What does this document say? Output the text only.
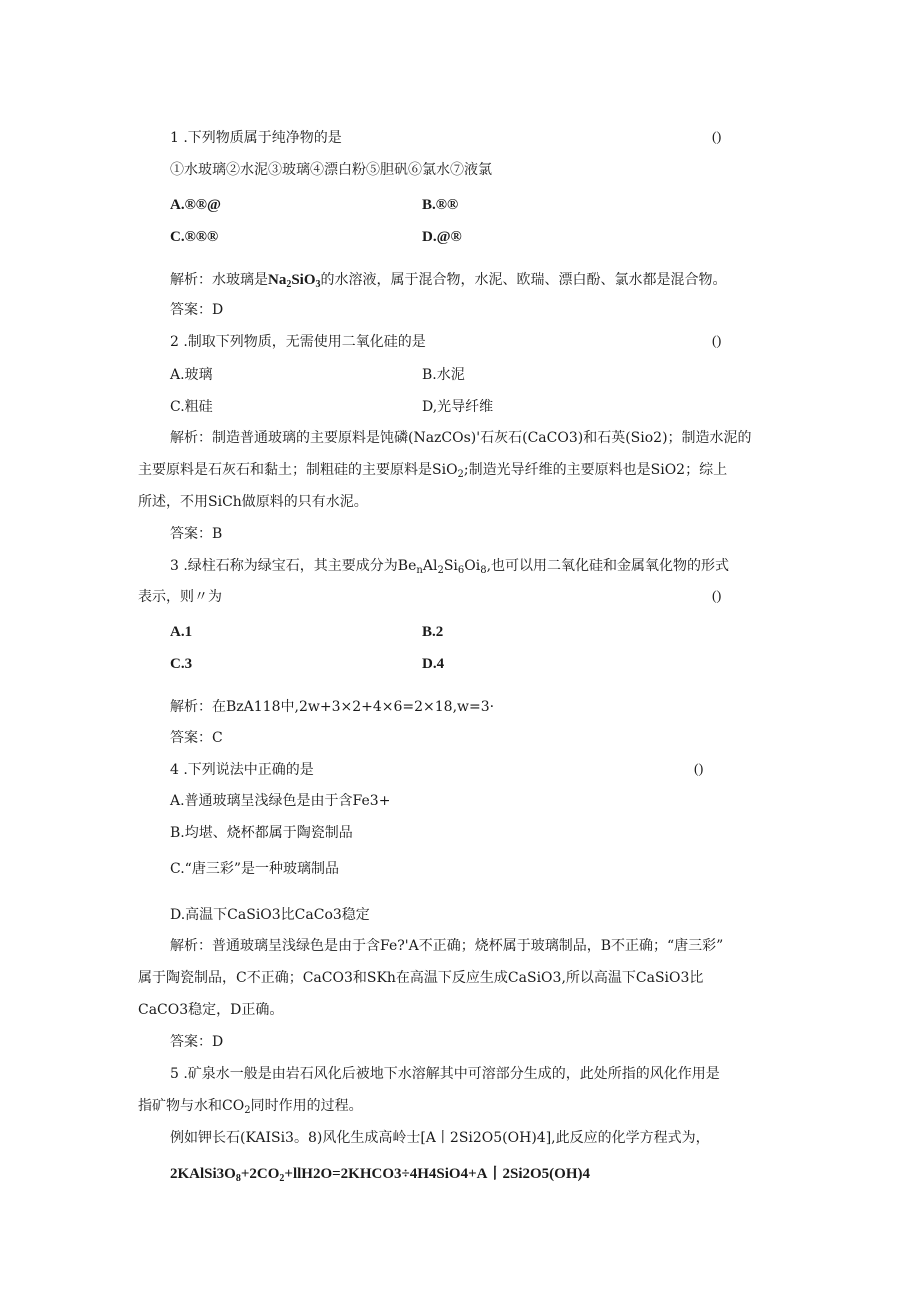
1 .下列物质属于纯净物的是	()
①水玻璃②水泥③玻璃④漂白粉⑤胆矾⑥氯水⑦液氯
A.®®@	B.®®
C.®®®	D.@®
解析：水玻璃是$Na_2SiO_3$的水溶液，属于混合物，水泥、欧瑞、漂白酚、氯水都是混合物。
答案：D
2 .制取下列物质，无需使用二氧化硅的是	()
A.玻璃	B.水泥
C.粗硅	D,光导纤维
解析：制造普通玻璃的主要原料是饨磷(NazCOs)'石灰石(CaCO3)和石英(Sio2)；制造水泥的
主要原料是石灰石和黏土；制粗硅的主要原料是SiO$_2$;制造光导纤维的主要原料也是SiO2；综上
所述，不用SiCh做原料的只有水泥。
答案：B
3 .绿柱石称为绿宝石，其主要成分为$Be_nAl_2Si_6Oi_8$,也可以用二氧化硅和金属氧化物的形式
表示，则〃为	()
A.1	B.2
C.3	D.4
解析：在BzA118中,2w+3×2+4×6=2×18,w=3·
答案：C
4 .下列说法中正确的是	()
A.普通玻璃呈浅绿色是由于含Fe3+
B.均堪、烧杯都属于陶瓷制品
C.“唐三彩”是一种玻璃制品
D.高温下CaSiO3比CaCo3稳定
解析：普通玻璃呈浅绿色是由于含Fe?'A不正确；烧杯属于玻璃制品，B不正确；“唐三彩”
属于陶瓷制品，C不正确；CaCO3和SKh在高温下反应生成CaSiO3,所以高温下CaSiO3比
CaCO3稳定，D正确。
答案：D
5 .矿泉水一般是由岩石风化后被地下水溶解其中可溶部分生成的，此处所指的风化作用是
指矿物与水和$CO_2$同时作用的过程。
例如钾长石(KAISi3。8)风化生成高岭士[A丨2Si2O5(OH)4],此反应的化学方程式为，
$2KAlSi3O_8+2CO_2+llH2O=2KHCO3\div 4H4SiO4+A$丨2Si2O5(OH)4
